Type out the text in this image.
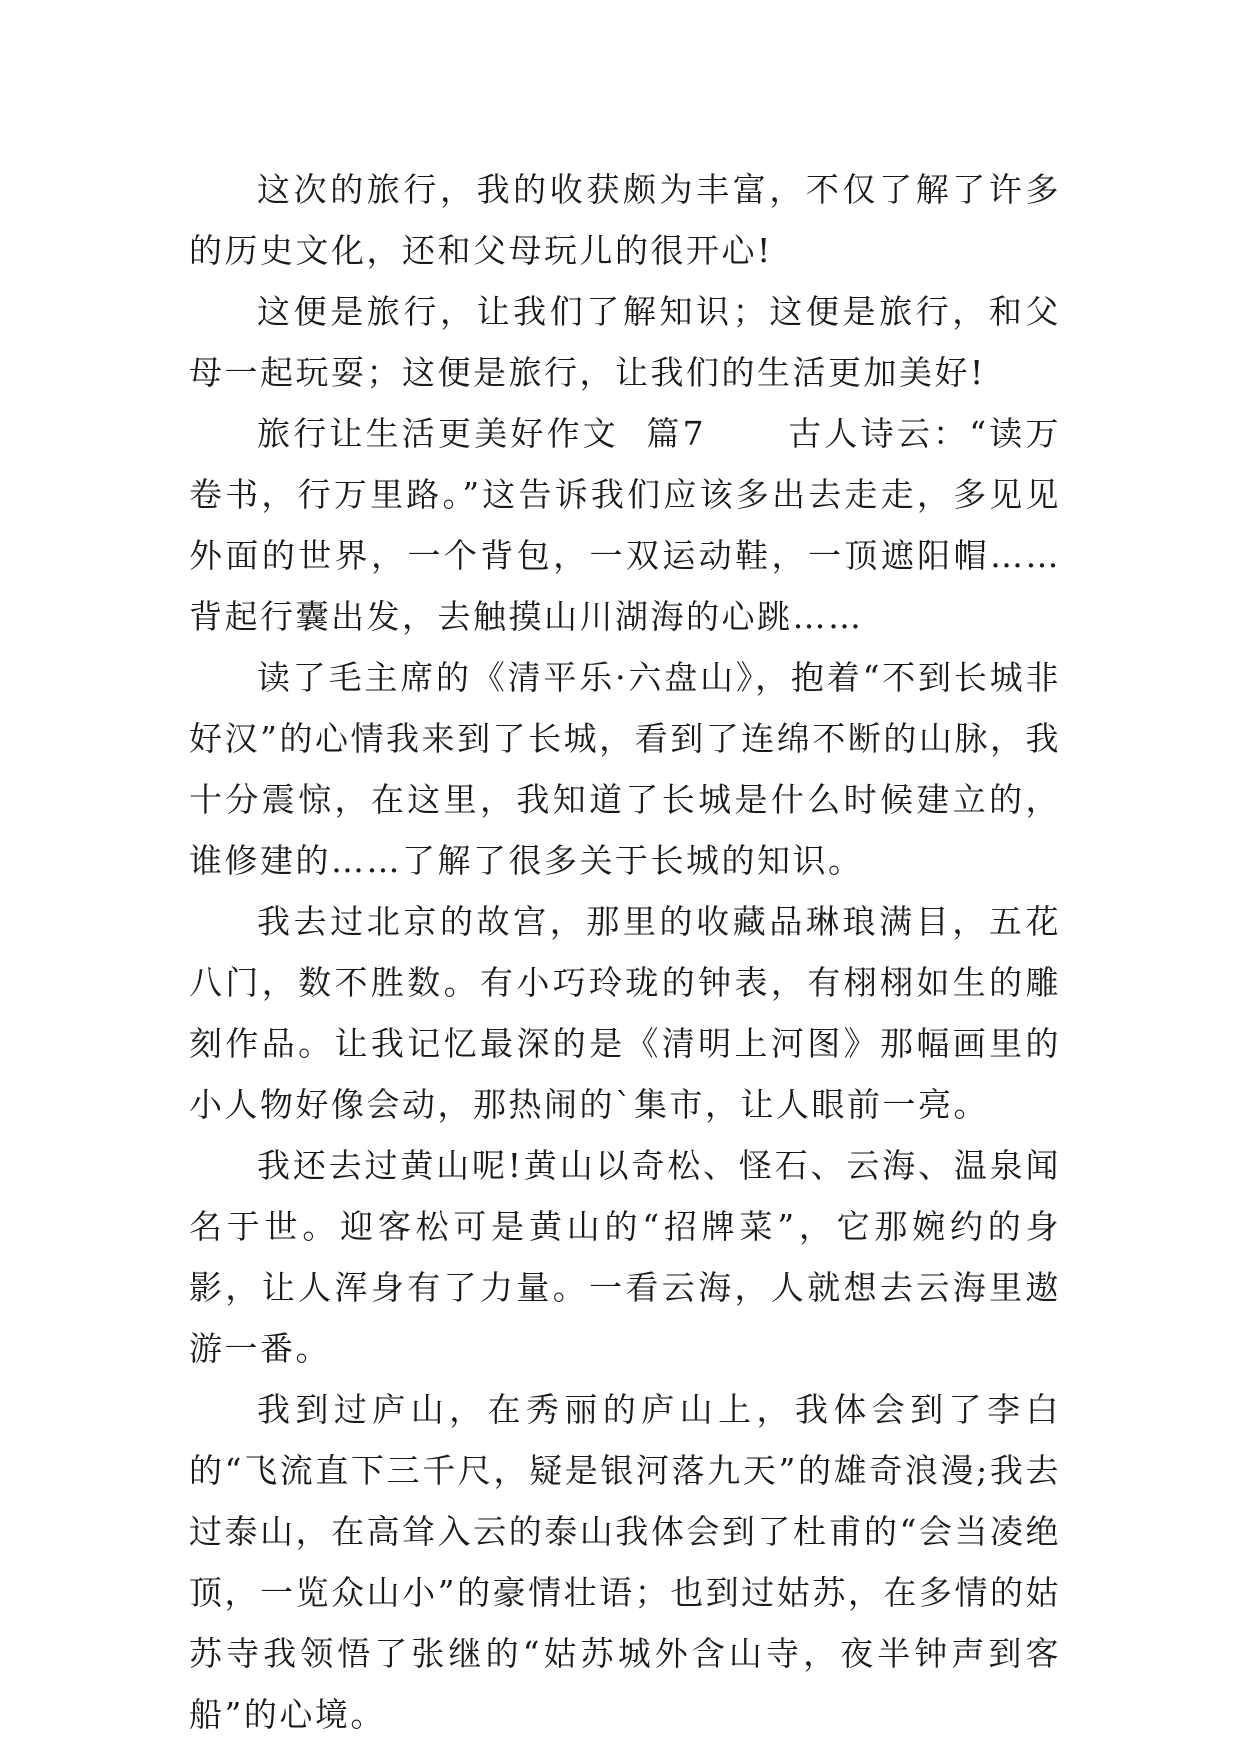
这次的旅行，我的收获颇为丰富，不仅了解了许多的历史文化，还和父母玩儿的很开心!

这便是旅行，让我们了解知识；这便是旅行，和父母一起玩耍；这便是旅行，让我们的生活更加美好!

旅行让生活更美好作文  篇7 古人诗云：“读万卷书，行万里路。”这告诉我们应该多出去走走，多见见外面的世界，一个背包，一双运动鞋，一顶遮阳帽……背起行囊出发，去触摸山川湖海的心跳……

读了毛主席的《清平乐·六盘山》，抱着“不到长城非好汉”的心情我来到了长城，看到了连绵不断的山脉，我十分震惊，在这里，我知道了长城是什么时候建立的，谁修建的……了解了很多关于长城的知识。

我去过北京的故宫，那里的收藏品琳琅满目，五花八门，数不胜数。有小巧玲珑的钟表，有栩栩如生的雕刻作品。让我记忆最深的是《清明上河图》那幅画里的小人物好像会动，那热闹的`集市，让人眼前一亮。

我还去过黄山呢!黄山以奇松、怪石、云海、温泉闻名于世。迎客松可是黄山的“招牌菜”，它那婉约的身影，让人浑身有了力量。一看云海，人就想去云海里遨游一番。

我到过庐山，在秀丽的庐山上，我体会到了李白的“飞流直下三千尺，疑是银河落九天”的雄奇浪漫;我去过泰山，在高耸入云的泰山我体会到了杜甫的“会当凌绝顶，一览众山小”的豪情壮语；也到过姑苏，在多情的姑苏寺我领悟了张继的“姑苏城外含山寺，夜半钟声到客船”的心境。
